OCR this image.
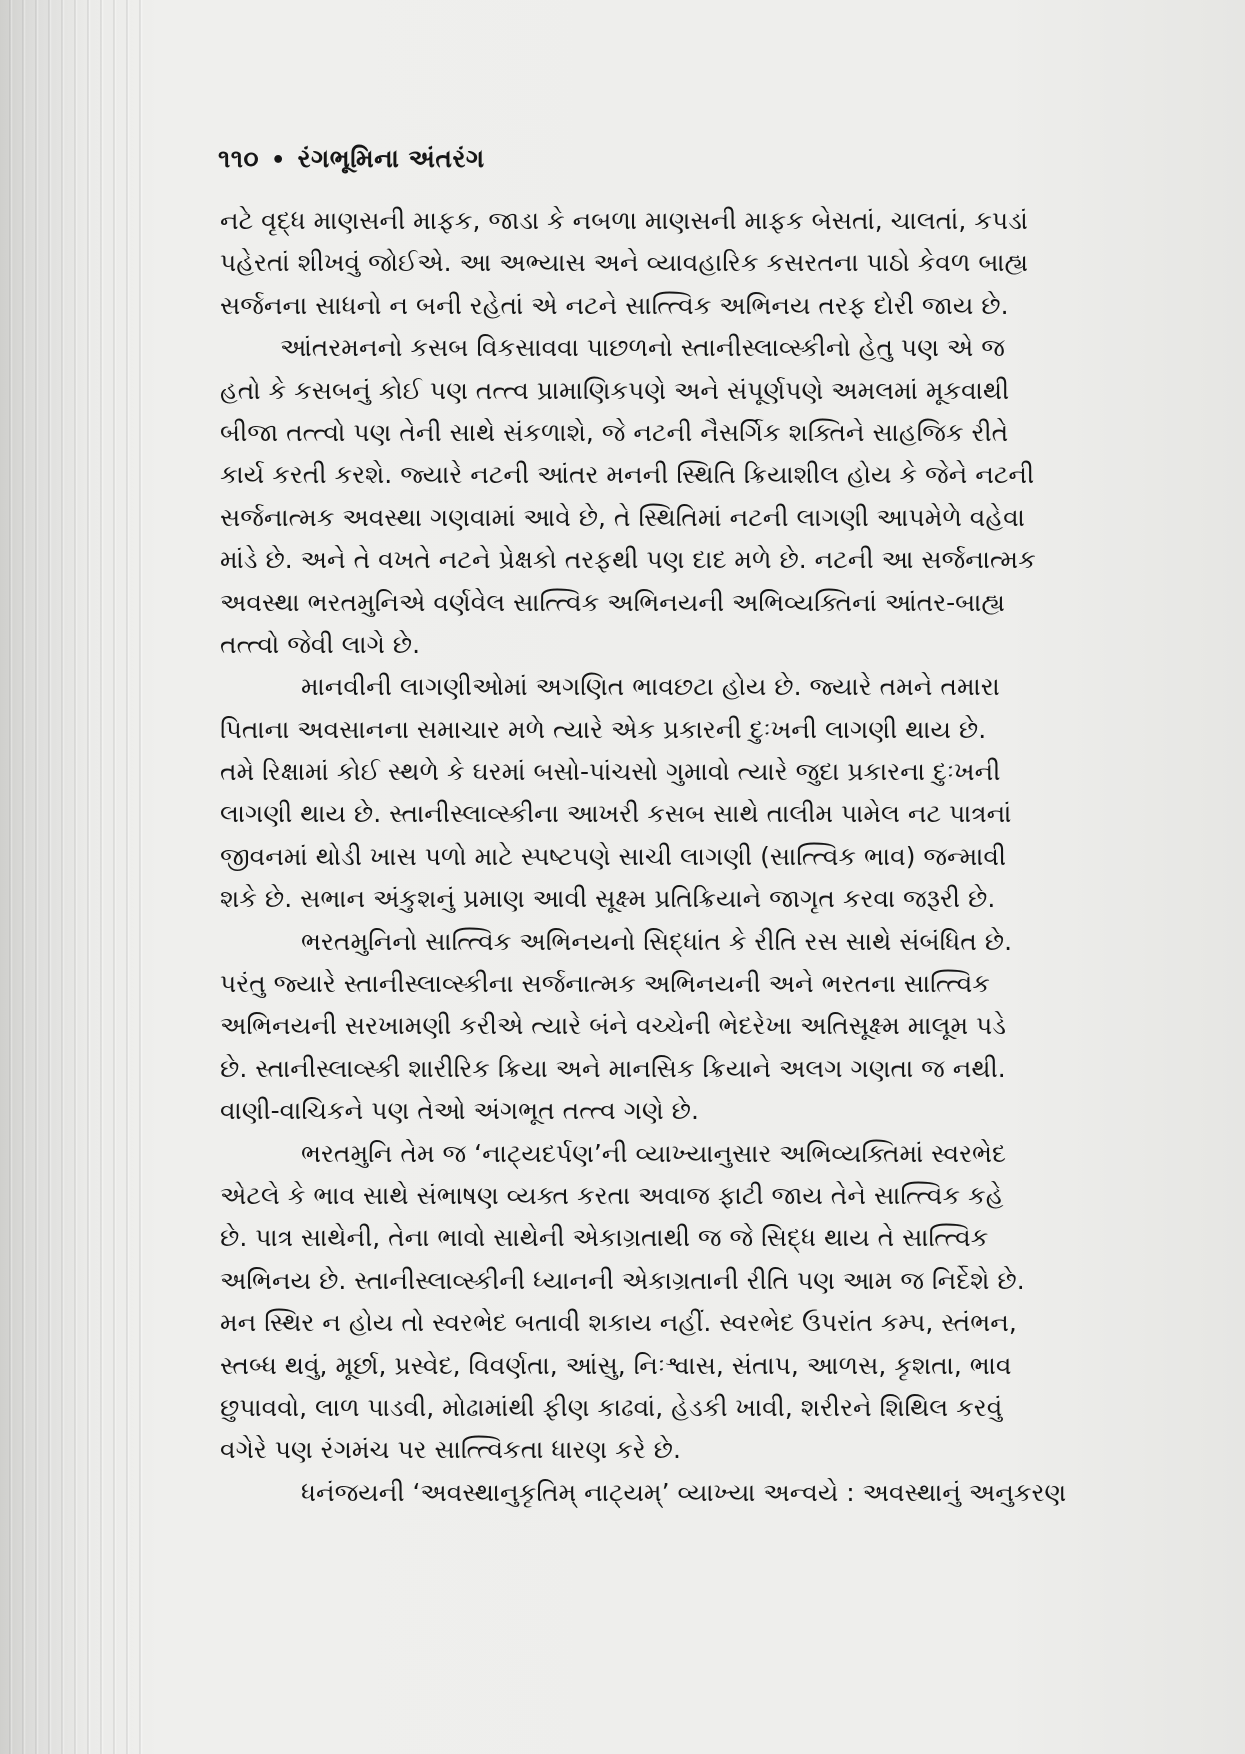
૧૧૦ • રંગભૂમિના અંતરંગ
નટે વૃદ્ધ માણસની માફક, જાડા કે નબળા માણસની માફક બેસતાં, ચાલતાં, કપડાં
પહેરતાં શીખવું જોઈએ. આ અભ્યાસ અને વ્યાવહારિક કસરતના પાઠો કેવળ બાહ્ય
સર્જનના સાધનો ન બની રહેતાં એ નટને સાત્ત્વિક અભિનય તરફ દોરી જાય છે.
આંતરમનનો કસબ વિકસાવવા પાછળનો સ્તાનીસ્લાવ્સ્કીનો હેતુ પણ એ જ
હતો કે કસબનું કોઈ પણ તત્ત્વ પ્રામાણિકપણે અને સંપૂર્ણપણે અમલમાં મૂકવાથી
બીજા તત્ત્વો પણ તેની સાથે સંકળાશે, જે નટની નૈસર્ગિક શક્તિને સાહજિક રીતે
કાર્ય કરતી કરશે. જ્યારે નટની આંતર મનની સ્થિતિ ક્રિયાશીલ હોય કે જેને નટની
સર્જનાત્મક અવસ્થા ગણવામાં આવે છે, તે સ્થિતિમાં નટની લાગણી આપમેળે વહેવા
માંડે છે. અને તે વખતે નટને પ્રેક્ષકો તરફથી પણ દાદ મળે છે. નટની આ સર્જનાત્મક
અવસ્થા ભરતમુનિએ વર્ણવેલ સાત્ત્વિક અભિનયની અભિવ્યક્તિનાં આંતર-બાહ્ય
તત્ત્વો જેવી લાગે છે.
માનવીની લાગણીઓમાં અગણિત ભાવછટા હોય છે. જ્યારે તમને તમારા
પિતાના અવસાનના સમાચાર મળે ત્યારે એક પ્રકારની દુઃખની લાગણી થાય છે.
તમે રિક્ષામાં કોઈ સ્થળે કે ઘરમાં બસો-પાંચસો ગુમાવો ત્યારે જુદા પ્રકારના દુઃખની
લાગણી થાય છે. સ્તાનીસ્લાવ્સ્કીના આખરી કસબ સાથે તાલીમ પામેલ નટ પાત્રનાં
જીવનમાં થોડી ખાસ પળો માટે સ્પષ્ટપણે સાચી લાગણી (સાત્ત્વિક ભાવ) જન્માવી
શકે છે. સભાન અંકુશનું પ્રમાણ આવી સૂક્ષ્મ પ્રતિક્રિયાને જાગૃત કરવા જરૂરી છે.
ભરતમુનિનો સાત્ત્વિક અભિનયનો સિદ્ધાંત કે રીતિ રસ સાથે સંબંધિત છે.
પરંતુ જ્યારે સ્તાનીસ્લાવ્સ્કીના સર્જનાત્મક અભિનયની અને ભરતના સાત્ત્વિક
અભિનયની સરખામણી કરીએ ત્યારે બંને વચ્ચેની ભેદરેખા અતિસૂક્ષ્મ માલૂમ પડે
છે. સ્તાનીસ્લાવ્સ્કી શારીરિક ક્રિયા અને માનસિક ક્રિયાને અલગ ગણતા જ નથી.
વાણી-વાચિકને પણ તેઓ અંગભૂત તત્ત્વ ગણે છે.
ભરતમુનિ તેમ જ ‘નાટ્યદર્પણ’ની વ્યાખ્યાનુસાર અભિવ્યક્તિમાં સ્વરભેદ
એટલે કે ભાવ સાથે સંભાષણ વ્યક્ત કરતા અવાજ ફાટી જાય તેને સાત્ત્વિક કહે
છે. પાત્ર સાથેની, તેના ભાવો સાથેની એકાગ્રતાથી જ જે સિદ્ધ થાય તે સાત્ત્વિક
અભિનય છે. સ્તાનીસ્લાવ્સ્કીની ધ્યાનની એકાગ્રતાની રીતિ પણ આમ જ નિર્દેશે છે.
મન સ્થિર ન હોય તો સ્વરભેદ બતાવી શકાય નહીં. સ્વરભેદ ઉપરાંત કમ્પ, સ્તંભન,
સ્તબ્ધ થવું, મૂર્છા, પ્રસ્વેદ, વિવર્ણતા, આંસુ, નિઃશ્વાસ, સંતાપ, આળસ, કૃશતા, ભાવ
છુપાવવો, લાળ પાડવી, મોઢામાંથી ફીણ કાઢવાં, હેડકી ખાવી, શરીરને શિથિલ કરવું
વગેરે પણ રંગમંચ પર સાત્ત્વિકતા ધારણ કરે છે.
ધનંજયની ‘અવસ્થાનુકૃતિમ્ નાટ્યમ્’ વ્યાખ્યા અન્વયે : અવસ્થાનું અનુકરણ
